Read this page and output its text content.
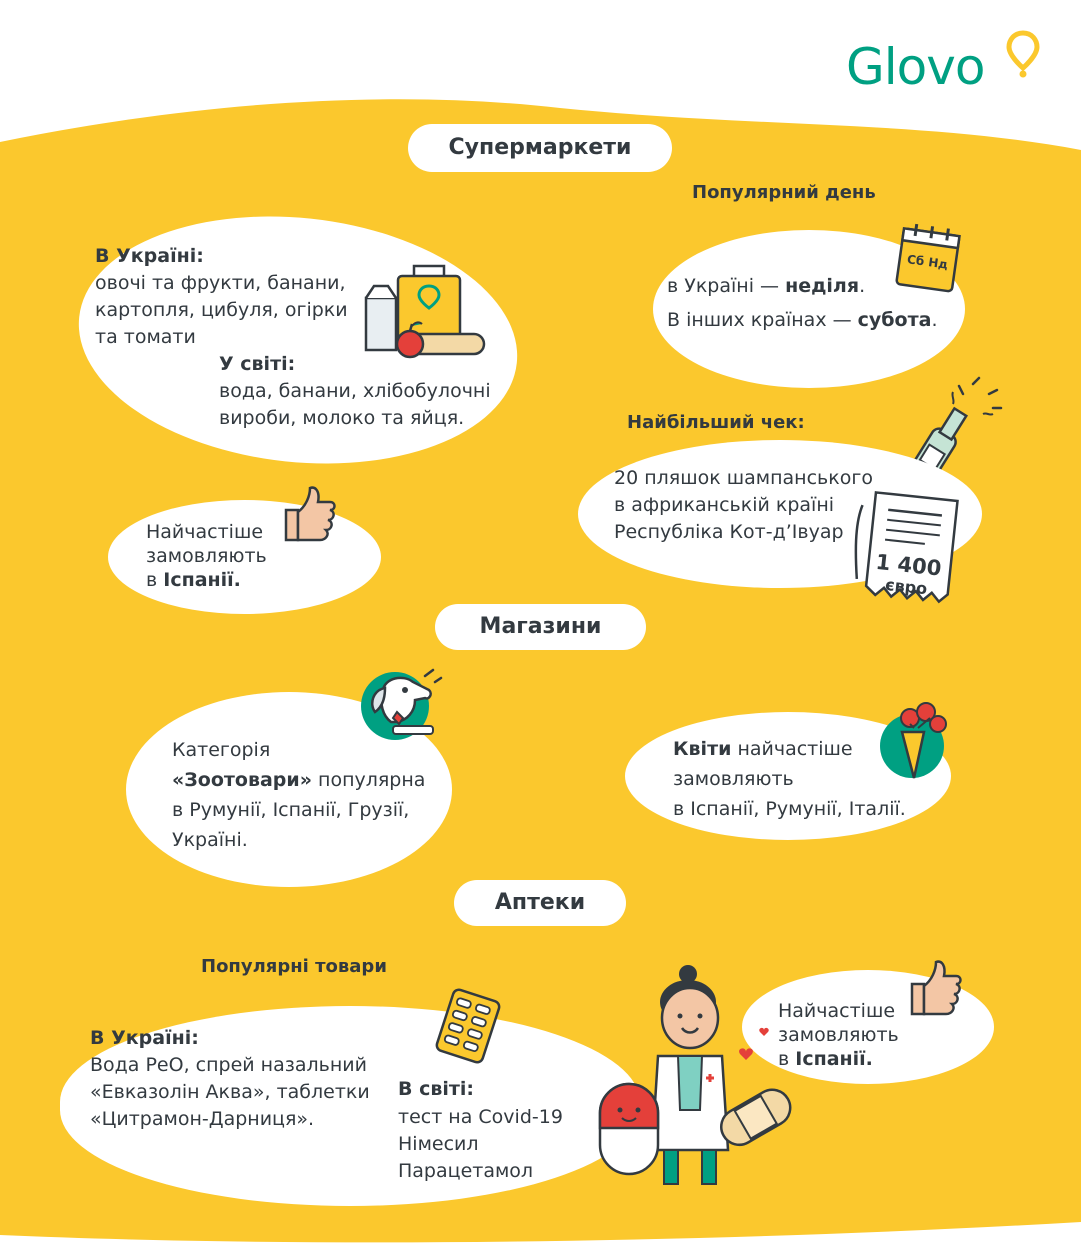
Glovo
Супермаркети
Популярний день
В Україні:
овочі та фрукти, банани,
картопля, цибуля, огірки
та томати
У світі:
вода, банани, хлібобулочні
вироби, молоко та яйця.
в Україні — неділя.
В інших країнах — субота.
Сб Нд
Найбільший чек:
20 пляшок шампанського
в африканській країні
Республіка Кот-д’Івуар
1 400
євро
Найчастіше
замовляють
в Іспанії.
Магазини
Категорія
«Зоотовари» популярна
в Румунії, Іспанії, Грузії,
Україні.
Квіти найчастіше
замовляють
в Іспанії, Румунії, Італії.
Аптеки
Популярні товари
В Україні:
Вода РеО, спрей назальний
«Евказолін Аква», таблетки
«Цитрамон-Дарниця».
В світі:
тест на Covid-19
Німесил
Парацетамол
Найчастіше
замовляють
в Іспанії.
